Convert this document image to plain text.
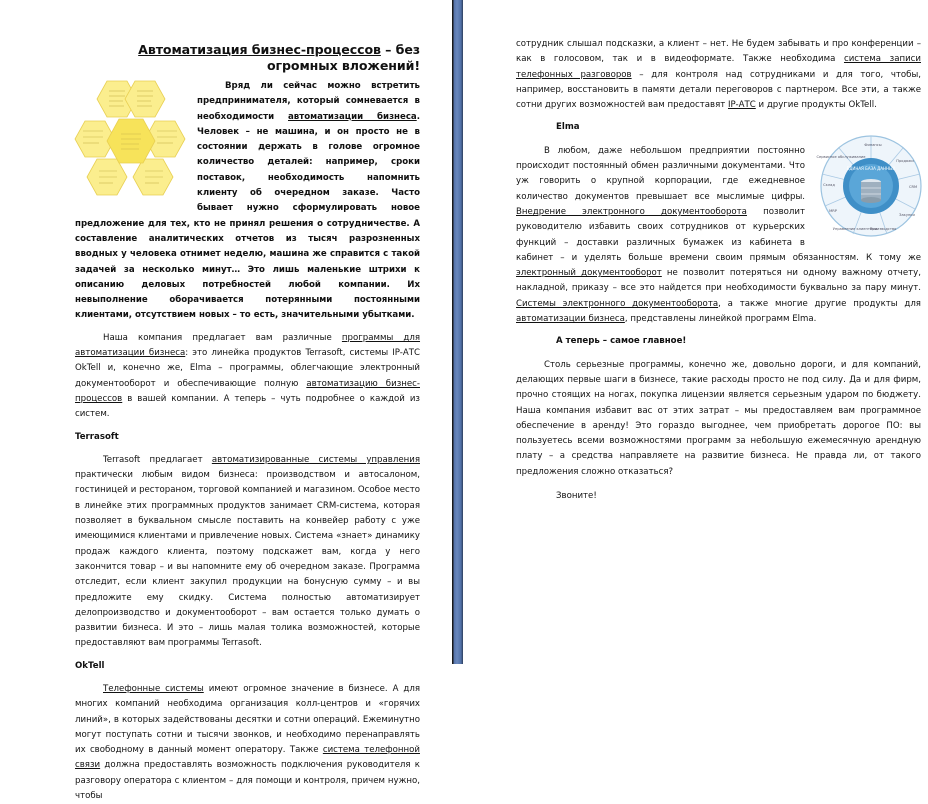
Автоматизация бизнес-процессов – без огромных вложений!

Вряд ли сейчас можно встретить предпринимателя, который сомневается в необходимости автоматизации бизнеса. Человек – не машина, и он просто не в состоянии держать в голове огромное количество деталей: например, сроки поставок, необходимость напомнить клиенту об очередном заказе. Часто бывает нужно сформулировать новое предложение для тех, кто не принял решения о сотрудничестве. А составление аналитических отчетов из тысяч разрозненных вводных у человека отнимет неделю, машина же справится с такой задачей за несколько минут… Это лишь маленькие штрихи к описанию деловых потребностей любой компании. Их невыполнение оборачивается потерянными постоянными клиентами, отсутствием новых – то есть, значительными убытками.

Наша компания предлагает вам различные программы для автоматизации бизнеса: это линейка продуктов Terrasoft, системы IP-АТС OkTell и, конечно же, Elma – программы, облегчающие электронный документооборот и обеспечивающие полную автоматизацию бизнес-процессов в вашей компании. А теперь – чуть подробнее о каждой из систем.

Terrasoft

Terrasoft предлагает автоматизированные системы управления практически любым видом бизнеса: производством и автосалоном, гостиницей и рестораном, торговой компанией и магазином. Особое место в линейке этих программных продуктов занимает CRM-система, которая позволяет в буквальном смысле поставить на конвейер работу с уже имеющимися клиентами и привлечение новых. Система «знает» динамику продаж каждого клиента, поэтому подскажет вам, когда у него закончится товар – и вы напомните ему об очередном заказе. Программа отследит, если клиент закупил продукции на бонусную сумму – и вы предложите ему скидку. Система полностью автоматизирует делопроизводство и документооборот – вам остается только думать о развитии бизнеса. И это – лишь малая толика возможностей, которые предоставляют вам программы Terrasoft.

OkTell

Телефонные системы имеют огромное значение в бизнесе. А для многих компаний необходима организация колл-центров и «горячих линий», в которых задействованы десятки и сотни операций. Ежеминутно могут поступать сотни и тысячи звонков, и необходимо перенаправлять их свободному в данный момент оператору. Также система телефонной связи должна предоставлять возможность подключения руководителя к разговору оператора с клиентом – для помощи и контроля, причем нужно, чтобы

сотрудник слышал подсказки, а клиент – нет. Не будем забывать и про конференции – как в голосовом, так и в видеоформате. Также необходима система записи телефонных разговоров – для контроля над сотрудниками и для того, чтобы, например, восстановить в памяти детали переговоров с партнером. Все эти, а также сотни других возможностей вам предоставят IP-АТС и другие продукты OkTell.

Elma
ЕДИНАЯ БАЗА ДАННЫХ
Финансы
Продажи
CRM
Закупки
Производство
Управление клиентами
MRP
Склад
Сервисное обслуживание

В любом, даже небольшом предприятии постоянно происходит постоянный обмен различными документами. Что уж говорить о крупной корпорации, где ежедневное количество документов превышает все мыслимые цифры. Внедрение электронного документооборота позволит руководителю избавить своих сотрудников от курьерских функций – доставки различных бумажек из кабинета в кабинет – и уделять больше времени своим прямым обязанностям. К тому же электронный документооборот не позволит потеряться ни одному важному отчету, накладной, приказу – все это найдется при необходимости буквально за пару минут. Системы электронного документооборота, а также многие другие продукты для автоматизации бизнеса, представлены линейкой программ Elma.

А теперь – самое главное!

Столь серьезные программы, конечно же, довольно дороги, и для компаний, делающих первые шаги в бизнесе, такие расходы просто не под силу. Да и для фирм, прочно стоящих на ногах, покупка лицензии является серьезным ударом по бюджету. Наша компания избавит вас от этих затрат – мы предоставляем вам программное обеспечение в аренду! Это гораздо выгоднее, чем приобретать дорогое ПО: вы пользуетесь всеми возможностями программ за небольшую ежемесячную арендную плату – а средства направляете на развитие бизнеса. Не правда ли, от такого предложения сложно отказаться?

Звоните!
